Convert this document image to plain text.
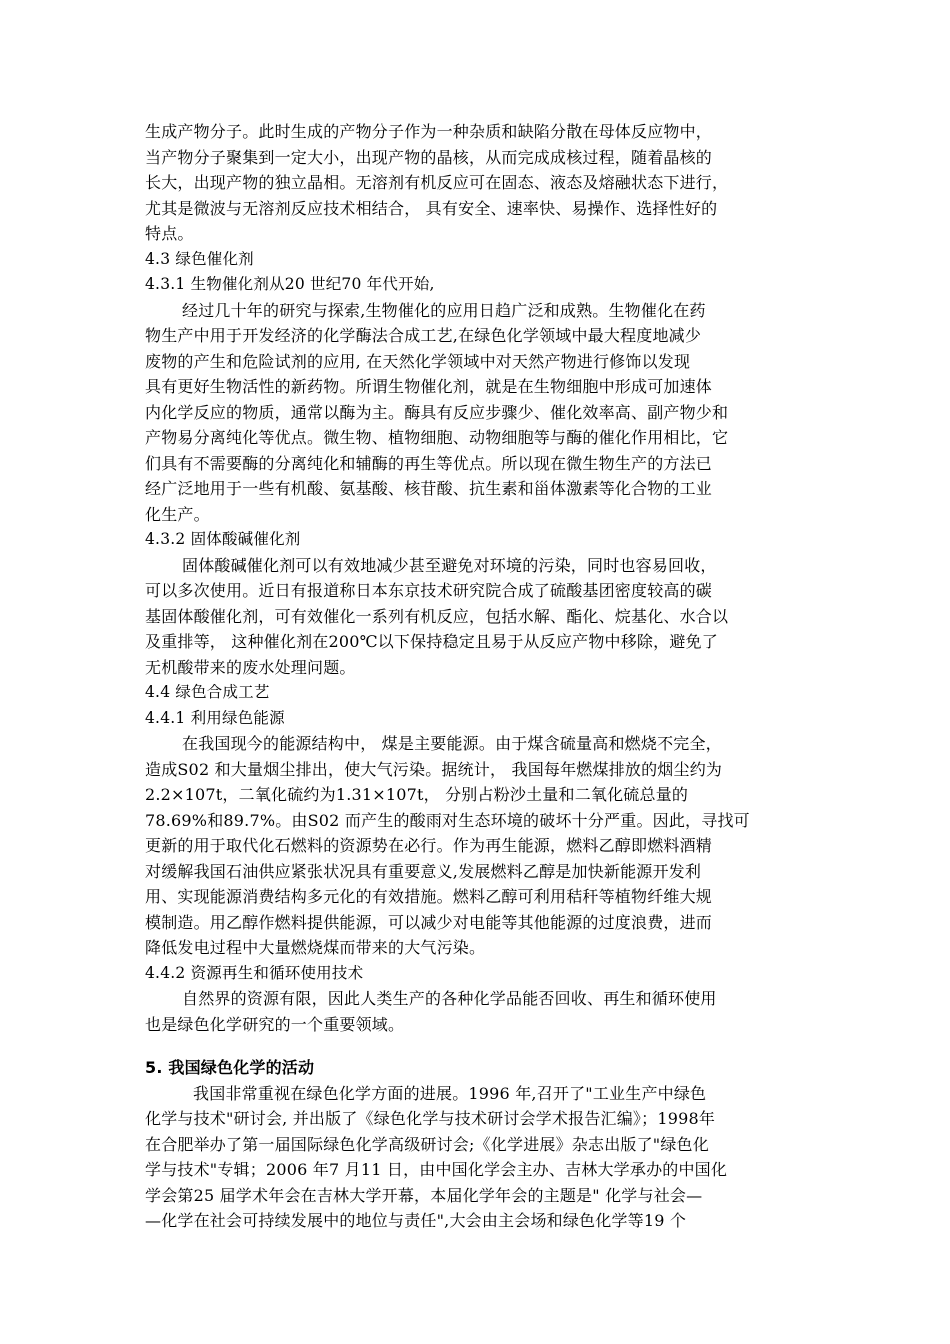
生成产物分子。此时生成的产物分子作为一种杂质和缺陷分散在母体反应物中，
当产物分子聚集到一定大小，出现产物的晶核，从而完成成核过程，随着晶核的
长大，出现产物的独立晶相。无溶剂有机反应可在固态、液态及熔融状态下进行，
尤其是微波与无溶剂反应技术相结合， 具有安全、速率快、易操作、选择性好的
特点。
4.3 绿色催化剂
4.3.1 生物催化剂从20 世纪70 年代开始,
经过几十年的研究与探索,生物催化的应用日趋广泛和成熟。生物催化在药
物生产中用于开发经济的化学酶法合成工艺,在绿色化学领域中最大程度地减少
废物的产生和危险试剂的应用, 在天然化学领域中对天然产物进行修饰以发现
具有更好生物活性的新药物。所谓生物催化剂，就是在生物细胞中形成可加速体
内化学反应的物质，通常以酶为主。酶具有反应步骤少、催化效率高、副产物少和
产物易分离纯化等优点。微生物、植物细胞、动物细胞等与酶的催化作用相比，它
们具有不需要酶的分离纯化和辅酶的再生等优点。所以现在微生物生产的方法已
经广泛地用于一些有机酸、氨基酸、核苷酸、抗生素和甾体激素等化合物的工业
化生产。
4.3.2 固体酸碱催化剂
固体酸碱催化剂可以有效地减少甚至避免对环境的污染，同时也容易回收，
可以多次使用。近日有报道称日本东京技术研究院合成了硫酸基团密度较高的碳
基固体酸催化剂，可有效催化一系列有机反应，包括水解、酯化、烷基化、水合以
及重排等， 这种催化剂在200℃以下保持稳定且易于从反应产物中移除，避免了
无机酸带来的废水处理问题。
4.4 绿色合成工艺
4.4.1 利用绿色能源
在我国现今的能源结构中， 煤是主要能源。由于煤含硫量高和燃烧不完全，
造成S02 和大量烟尘排出，使大气污染。据统计， 我国每年燃煤排放的烟尘约为
2.2×107t，二氧化硫约为1.31×107t， 分别占粉沙土量和二氧化硫总量的
78.69%和89.7%。由S02 而产生的酸雨对生态环境的破坏十分严重。因此，寻找可
更新的用于取代化石燃料的资源势在必行。作为再生能源，燃料乙醇即燃料酒精
对缓解我国石油供应紧张状况具有重要意义,发展燃料乙醇是加快新能源开发利
用、实现能源消费结构多元化的有效措施。燃料乙醇可利用秸秆等植物纤维大规
模制造。用乙醇作燃料提供能源，可以减少对电能等其他能源的过度浪费，进而
降低发电过程中大量燃烧煤而带来的大气污染。
4.4.2 资源再生和循环使用技术
自然界的资源有限，因此人类生产的各种化学品能否回收、再生和循环使用
也是绿色化学研究的一个重要领域。
5. 我国绿色化学的活动
我国非常重视在绿色化学方面的进展。1996 年,召开了"工业生产中绿色
化学与技术"研讨会, 并出版了《绿色化学与技术研讨会学术报告汇编》；1998年
在合肥举办了第一届国际绿色化学高级研讨会;《化学进展》杂志出版了"绿色化
学与技术"专辑；2006 年7 月11 日，由中国化学会主办、吉林大学承办的中国化
学会第25 届学术年会在吉林大学开幕，本届化学年会的主题是" 化学与社会—
—化学在社会可持续发展中的地位与责任",大会由主会场和绿色化学等19 个
